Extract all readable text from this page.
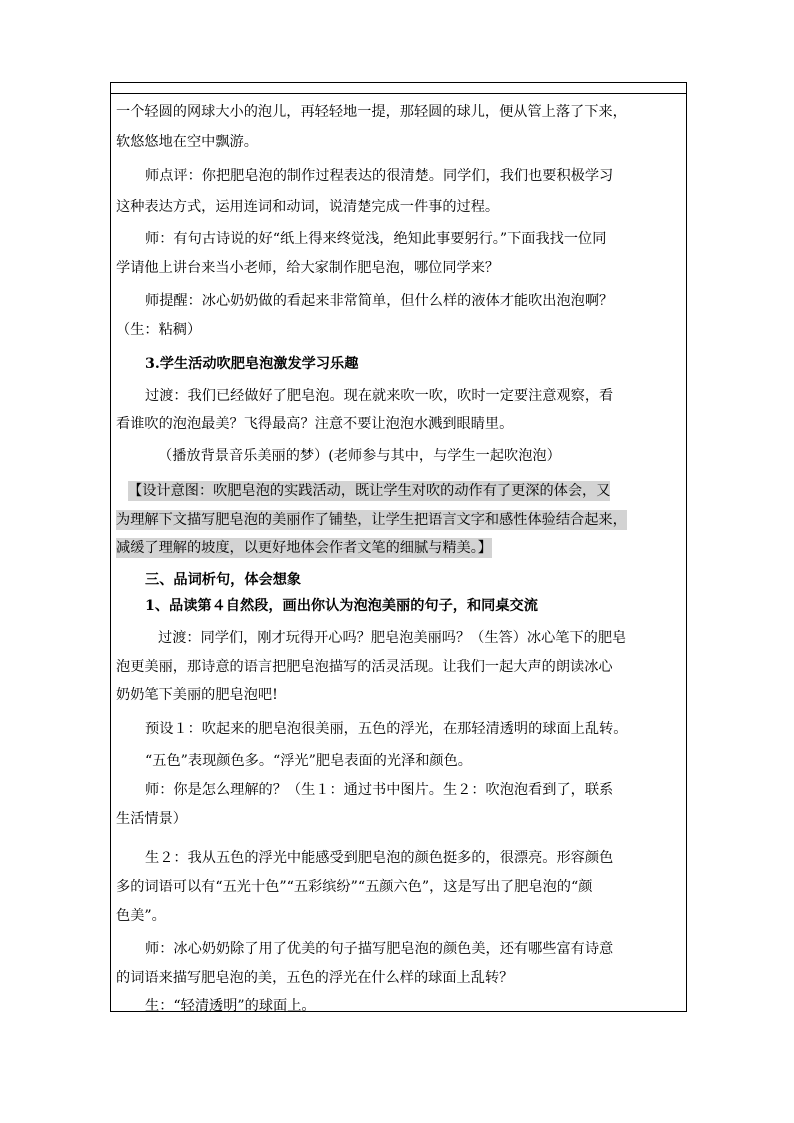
一个轻圆的网球大小的泡儿，再轻轻地一提，那轻圆的球儿，便从管上落了下来，
软悠悠地在空中飘游。
师点评：你把肥皂泡的制作过程表达的很清楚。同学们，我们也要积极学习
这种表达方式，运用连词和动词，说清楚完成一件事的过程。
师：有句古诗说的好“纸上得来终觉浅，绝知此事要躬行。”下面我找一位同
学请他上讲台来当小老师，给大家制作肥皂泡，哪位同学来？
师提醒：冰心奶奶做的看起来非常简单，但什么样的液体才能吹出泡泡啊？
（生：粘稠）
3.学生活动吹肥皂泡激发学习乐趣
过渡：我们已经做好了肥皂泡。现在就来吹一吹，吹时一定要注意观察，看
看谁吹的泡泡最美？飞得最高？注意不要让泡泡水溅到眼睛里。
（播放背景音乐美丽的梦）(老师参与其中，与学生一起吹泡泡）
【设计意图：吹肥皂泡的实践活动，既让学生对吹的动作有了更深的体会，又
为理解下文描写肥皂泡的美丽作了铺垫，让学生把语言文字和感性体验结合起来，
减缓了理解的坡度，以更好地体会作者文笔的细腻与精美。】
三、品词析句，体会想象
1、品读第４自然段，画出你认为泡泡美丽的句子，和同桌交流
过渡：同学们，刚才玩得开心吗？肥皂泡美丽吗？（生答）冰心笔下的肥皂
泡更美丽，那诗意的语言把肥皂泡描写的活灵活现。让我们一起大声的朗读冰心
奶奶笔下美丽的肥皂泡吧!
预设１：吹起来的肥皂泡很美丽，五色的浮光，在那轻清透明的球面上乱转。
“五色”表现颜色多。“浮光”肥皂表面的光泽和颜色。
师：你是怎么理解的？（生１：通过书中图片。生２：吹泡泡看到了，联系
生活情景）
生２：我从五色的浮光中能感受到肥皂泡的颜色挺多的，很漂亮。形容颜色
多的词语可以有“五光十色”“五彩缤纷”“五颜六色”，这是写出了肥皂泡的“颜
色美”。
师：冰心奶奶除了用了优美的句子描写肥皂泡的颜色美，还有哪些富有诗意
的词语来描写肥皂泡的美，五色的浮光在什么样的球面上乱转？
生：“轻清透明”的球面上。
